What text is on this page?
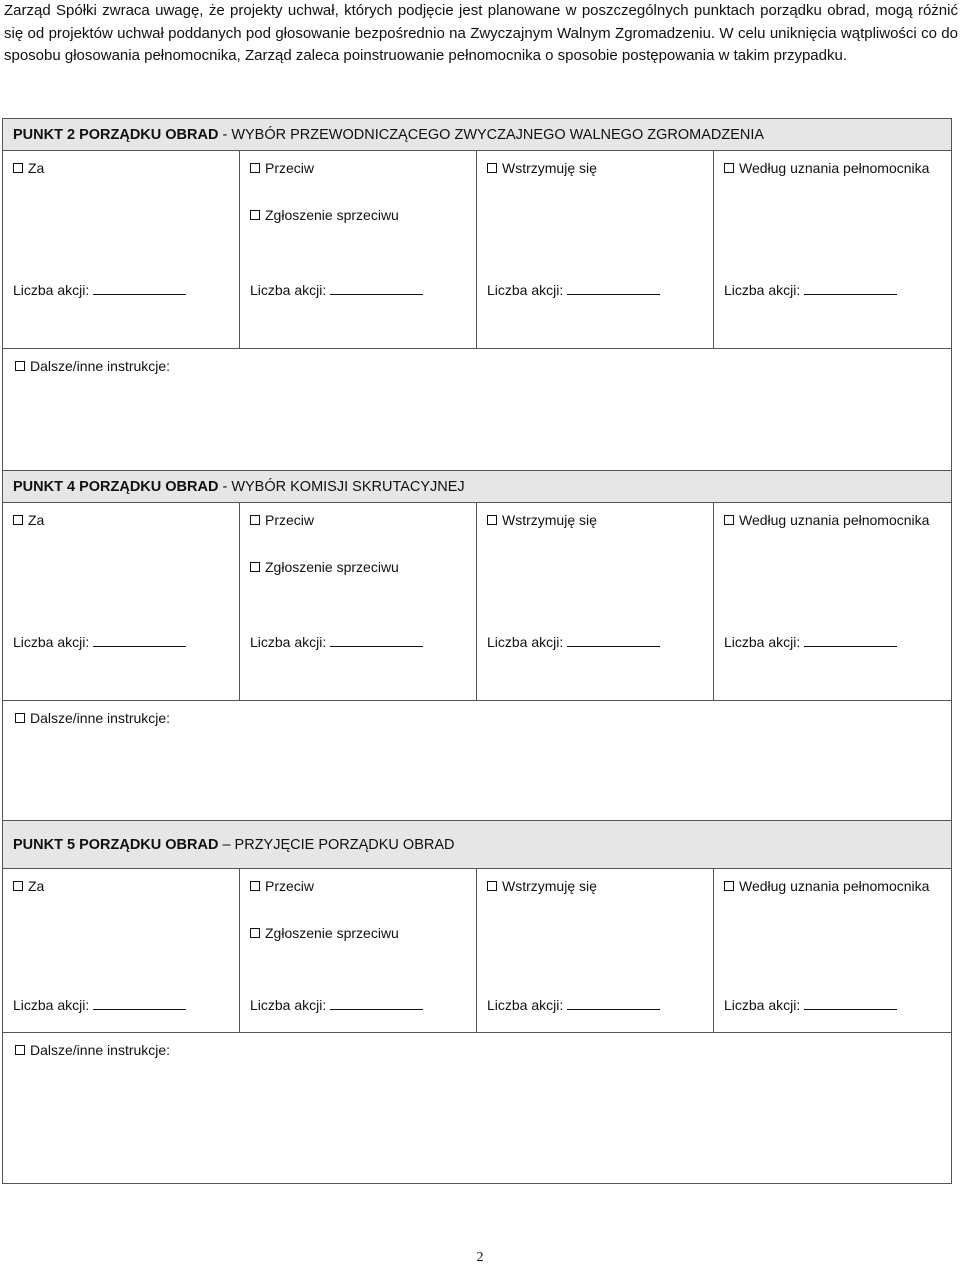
Zarząd Spółki zwraca uwagę, że projekty uchwał, których podjęcie jest planowane w poszczególnych punktach porządku obrad, mogą różnić się od projektów uchwał poddanych pod głosowanie bezpośrednio na Zwyczajnym Walnym Zgromadzeniu. W celu uniknięcia wątpliwości co do sposobu głosowania pełnomocnika, Zarząd zaleca poinstruowanie pełnomocnika o sposobie postępowania w takim przypadku.

PUNKT 2 PORZĄDKU OBRAD - WYBÓR PRZEWODNICZĄCEGO ZWYCZAJNEGO WALNEGO ZGROMADZENIA

Za
Liczba akcji:

Przeciw
Zgłoszenie sprzeciwu
Liczba akcji:

Wstrzymuję się
Liczba akcji:

Według uznania pełnomocnika
Liczba akcji:

Dalsze/inne instrukcje:
PUNKT 4 PORZĄDKU OBRAD - WYBÓR KOMISJI SKRUTACYJNEJ

Za
Liczba akcji:

Przeciw
Zgłoszenie sprzeciwu
Liczba akcji:

Wstrzymuję się
Liczba akcji:

Według uznania pełnomocnika
Liczba akcji:

Dalsze/inne instrukcje:
PUNKT 5 PORZĄDKU OBRAD – PRZYJĘCIE PORZĄDKU OBRAD

Za
Liczba akcji:

Przeciw
Zgłoszenie sprzeciwu
Liczba akcji:

Wstrzymuję się
Liczba akcji:

Według uznania pełnomocnika
Liczba akcji:

Dalsze/inne instrukcje:
2
